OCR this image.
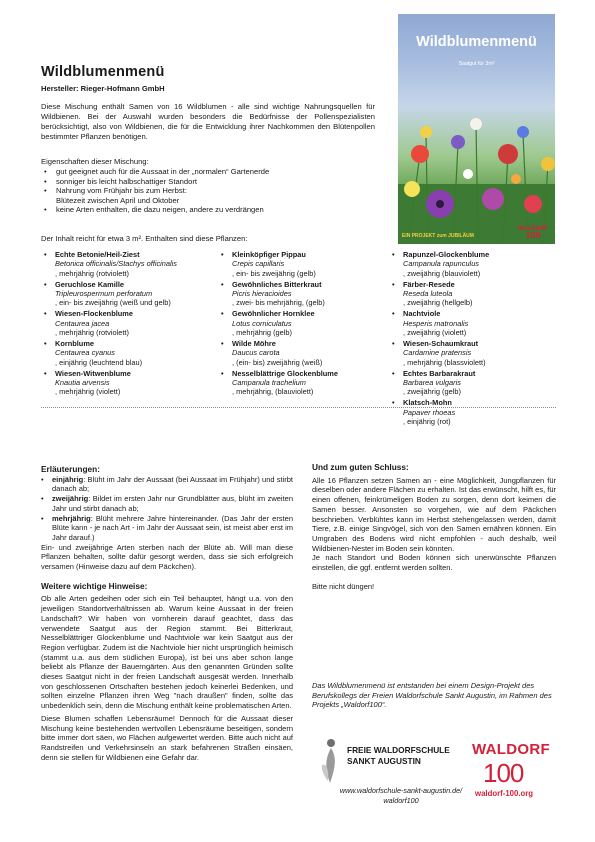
Wildblumenmenü
Saatgut für 3m²
EIN PROJEKT zum JUBILÄUM
WALDORF
100
Wildblumenmenü
Hersteller: Rieger-Hofmann GmbH
Diese Mischung enthält Samen von 16 Wildblumen - alle sind wichtige Nahrungsquellen für Wildbienen. Bei der Auswahl wurden besonders die Bedürfnisse der Pollenspezialisten berücksichtigt, also von Wildbienen, die für die Entwicklung ihrer Nachkommen den Blütenpollen bestimmter Pflanzen benötigen.
Eigenschaften dieser Mischung:
• gut geeignet auch für die Aussaat in der „normalen“ Gartenerde
• sonniger bis leicht halbschattiger Standort
• Nahrung vom Frühjahr bis zum Herbst:
Blütezeit zwischen April und Oktober
• keine Arten enthalten, die dazu neigen, andere zu verdrängen
Der Inhalt reicht für etwa 3 m². Enthalten sind diese Pflanzen:
• Echte Betonie/Heil-Ziest
Betonica officinalis/Stachys officinalis
, mehrjährig (rotviolett)
• Geruchlose Kamille
Tripleurospermum perforatum
, ein- bis zweijährig (weiß und gelb)
• Wiesen-Flockenblume
Centaurea jacea
, mehrjährig (rotviolett)
• Kornblume
Centaurea cyanus
, einjährig (leuchtend blau)
• Wiesen-Witwenblume
Knautia arvensis
, mehrjährig (violett)
• Kleinköpfiger Pippau
Crepis capillaris
, ein- bis zweijährig (gelb)
• Gewöhnliches Bitterkraut
Picris hieracioides
, zwei- bis mehrjährig, (gelb)
• Gewöhnlicher Hornklee
Lotus corniculatus
, mehrjährig (gelb)
• Wilde Möhre
Daucus carota
, (ein- bis) zweijährig (weiß)
• Nesselblättrige Glockenblume
Campanula trachelium
, mehrjährig, (blauviolett)
• Rapunzel-Glockenblume
Campanula rapunculus
, zweijährig (blauviolett)
• Färber-Resede
Reseda luteola
, zweijährig (hellgelb)
• Nachtviole
Hesperis matronalis
, zweijährig (violett)
• Wiesen-Schaumkraut
Cardamine pratensis
, mehrjährig (blassviolett)
• Echtes Barbarakraut
Barbarea vulgaris
, zweijährig (gelb)
• Klatsch-Mohn
Papaver rhoeas
, einjährig (rot)
Erläuterungen:
• einjährig: Blüht im Jahr der Aussaat (bei Aussaat im Frühjahr) und stirbt danach ab;
• zweijährig: Bildet im ersten Jahr nur Grundblätter aus, blüht im zweiten Jahr und stirbt danach ab;
• mehrjährig: Blüht mehrere Jahre hintereinander. (Das Jahr der ersten Blüte kann - je nach Art - im Jahr der Aussaat sein, ist meist aber erst im Jahr darauf.)
Ein- und zweijährige Arten sterben nach der Blüte ab. Will man diese Pflanzen behalten, sollte dafür gesorgt werden, dass sie sich erfolgreich versamen (Hinweise dazu auf dem Päckchen).
Weitere wichtige Hinweise:
Ob alle Arten gedeihen oder sich ein Teil behauptet, hängt u.a. von den jeweiligen Standortverhältnissen ab. Warum keine Aussaat in der freien Landschaft? Wir haben von vornherein darauf geachtet, dass das verwendete Saatgut aus der Region stammt. Bei Bitterkraut, Nesselblättriger Glockenblume und Nachtviole war kein Saatgut aus der Region verfügbar. Zudem ist die Nachtviole hier nicht ursprünglich heimisch (stammt u.a. aus dem südlichen Europa), ist bei uns aber schon lange beliebt als Pflanze der Bauerngärten. Aus den genannten Gründen sollte dieses Saatgut nicht in der freien Landschaft ausgesät werden. Innerhalb von geschlossenen Ortschaften bestehen jedoch keinerlei Bedenken, und sollten einzelne Pflanzen ihren Weg "nach draußen" finden, sollte das unbedenklich sein, denn die Mischung enthält keine problematischen Arten.
Diese Blumen schaffen Lebensräume! Dennoch für die Aussaat dieser Mischung keine bestehenden wertvollen Lebensräume beseitigen, sondern bitte immer dort säen, wo Flächen aufgewertet werden. Bitte auch nicht auf Randstreifen und Verkehrsinseln an stark befahrenen Straßen einsäen, denn sie stellen für Wildbienen eine Gefahr dar.
Und zum guten Schluss:
Alle 16 Pflanzen setzen Samen an - eine Möglichkeit, Jungpflanzen für dieselben oder andere Flächen zu erhalten. Ist das erwünscht, hilft es, für einen offenen, feinkrümeligen Boden zu sorgen, denn dort keimen die Samen besser. Ansonsten so vorgehen, wie auf dem Päckchen beschrieben. Verblühtes kann im Herbst stehengelassen werden, damit Tiere, z.B. einige Singvögel, sich von den Samen ernähren können. Ein Umgraben des Bodens wird nicht empfohlen - auch deshalb, weil Wildbienen-Nester im Boden sein könnten.
Je nach Standort und Boden können sich unerwünschte Pflanzen einstellen, die ggf. entfernt werden sollten.
Bitte nicht düngen!
Das Wildblumenmenü ist entstanden bei einem Design-Projekt des Berufskollegs der Freien Waldorfschule Sankt Augustin, im Rahmen des Projekts „Waldorf100“.
FREIE WALDORFSCHULE
SANKT AUGUSTIN
www.waldorfschule-sankt-augustin.de/
waldorf100
WALDORF
100
waldorf-100.org
